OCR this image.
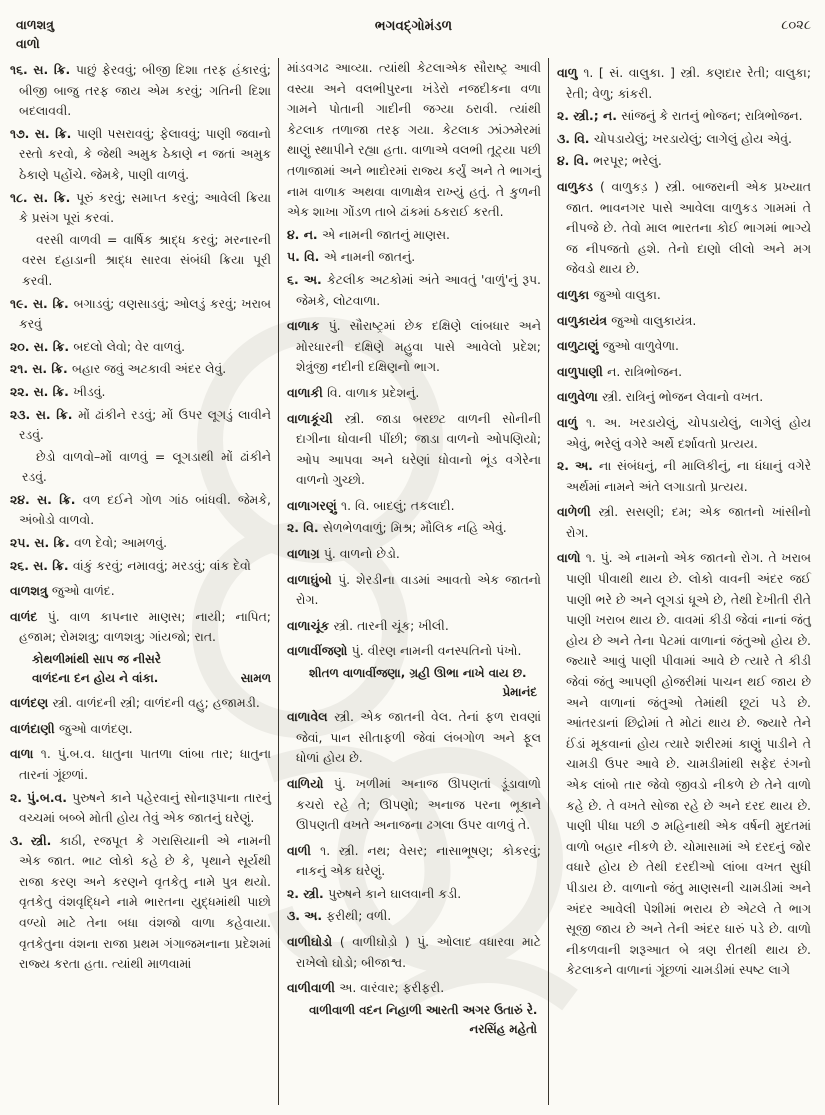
વાળશત્રુ
વાળો
ભગવદ્ગોમંડળ	૮૦૨૮

૧૬. સ. ક્રિ. પાછું ફેરવવું; બીજી દિશા તરફ હંકારવું; બીજી બાજુ તરફ જાય એમ કરવું; ગતિની દિશા બદલાવવી.

૧૭. સ. ક્રિ. પાણી પસરાવવું; ફેલાવવું; પાણી જવાનો રસ્તો કરવો, કે જેથી અમુક ઠેકાણે ન જતાં અમુક ઠેકાણે પહોંચે. જેમકે, પાણી વાળવું.

૧૮. સ. ક્રિ. પૂરું કરવું; સમાપ્ત કરવું; આવેલી ક્રિયા કે પ્રસંગ પૂરાં કરવાં.

વરસી વાળવી = વાર્ષિક શ્રાદ્ધ કરવું; મરનારની વરસ દહાડાની શ્રાદ્ધ સારવા સંબંધી ક્રિયા પૂરી કરવી.

૧૯. સ. ક્રિ. બગાડવું; વણસાડવું; ઓલડું કરવું; ખરાબ કરવું

૨૦. સ. ક્રિ. બદલો લેવો; વેર વાળવું.

૨૧. સ. ક્રિ. બહાર જવું અટકાવી અંદર લેવું.

૨૨. સ. ક્રિ. ખીડવું.

૨૩. સ. ક્રિ. મોં ઢાંકીને રડવું; મોં ઉપર લૂગડું લાવીને રડવું.

છેડો વાળવો–મોં વાળવું = લૂગડાથી મોં ઢાંકીને રડવું.

૨૪. સ. ક્રિ. વળ દઈને ગોળ ગાંઠ બાંધવી. જેમકે, અંબોડો વાળવો.

૨૫. સ. ક્રિ. વળ દેવો; આમળવું.

૨૬. સ. ક્રિ. વાંકું કરવું; નમાવવું; મરડવું; વાંક દેવો

વાળશત્રુ જુઓ વાળંદ.

વાળંદ પું. વાળ કાપનાર માણસ; નાયી; નાપિત; હજામ; રોમશત્રુ; વાળશત્રુ; ગાંયજો; રાત.

કોથળીમાંથી સાપ જ નીસરે
વાળંદના દન હોય ને વાંકા.	સામળ

વાળંદણ સ્ત્રી. વાળંદની સ્ત્રી; વાળંદની વહુ; હજામડી.

વાળંદાણી જુઓ વાળંદણ.

વાળા ૧. પું.બ.વ. ધાતુના પાતળા લાંબા તાર; ધાતુના તારનાં ગૂંછળાં.

૨. પું.બ.વ. પુરુષને કાને પહેરવાનું સોનારૂપાના તારનું વચ્ચમાં બબ્બે મોતી હોય તેવું એક જાતનું ઘરેણું.

૩. સ્ત્રી. કાઠી, રજપૂત કે ગરાસિયાની એ નામની એક જાત. ભાટ લોકો કહે છે કે, પૃથાને સૂર્યથી રાજા કરણ અને કરણને વૃતકેતુ નામે પુત્ર થયો. વૃતકેતુ વંશવૃદ્ધિને નામે ભારતના યુદ્ધમાંથી પાછો વળ્યો માટે તેના બધા વંશજો વાળા કહેવાયા. વૃતકેતુના વંશના રાજા પ્રથમ ગંગાજમનાના પ્રદેશમાં રાજ્ય કરતા હતા. ત્યાંથી માળવામાં

માંડવગઢ આવ્યા. ત્યાંથી કેટલાએક સૌરાષ્ટ્ર આવી વસ્યા અને વલભીપુરના ખંડેરો નજદીકના વળા ગામને પોતાની ગાદીની જગ્યા ઠરાવી. ત્યાંથી કેટલાક તળાજા તરફ ગયા. કેટલાક ઝાંઝમેરમાં થાણું સ્થાપીને રહ્યા હતા. વાળાએ વલભી તૂટ્યા પછી તળાજામાં અને ભાદોરમાં રાજ્ય કર્યું અને તે ભાગનું નામ વાળાક અથવા વાળાક્ષેત્ર રાખ્યું હતું. તે કુળની એક શાખા ગોંડળ તાબે ઢાંકમાં ઠકરાઈ કરતી.

૪. ન. એ નામની જાતનું માણસ.

૫. વિ. એ નામની જાતનું.

૬. અ. કેટલીક અટકોમાં અંતે આવતું 'વાળું'નું રૂપ. જેમકે, લોટવાળા.

વાળાક પું. સૌરાષ્ટ્રમાં છેક દક્ષિણે લાંબધાર અને મોરધારની દક્ષિણે મહુવા પાસે આવેલો પ્રદેશ; શેત્રુંજી નદીની દક્ષિણનો ભાગ.

વાળાકી વિ. વાળાક પ્રદેશનું.

વાળાકૂંચી સ્ત્રી. જાડા બરછટ વાળની સોનીની દાગીના ધોવાની પીંછી; જાડા વાળનો ઓપણિયો; ઓપ આપવા અને ઘરેણાં ધોવાનો ભૂંડ વગેરેના વાળનો ગુચ્છો.

વાળાગરણું ૧. વિ. બાદલું; તકલાદી.

૨. વિ. સેળભેળવાળું; મિશ્ર; મૌલિક નહિ એવું.

વાળાગ્ર પું. વાળનો છેડો.

વાળાઘુંબો પું. શેરડીના વાડમાં આવતો એક જાતનો રોગ.

વાળાચૂંક સ્ત્રી. તારની ચૂંક; ખીલી.

વાળાવીંજણો પું. વીરણ નામની વનસ્પતિનો પંખો.

શીતળ વાળાવીંજણા, ગ્રહી ઊભા નાખે વાય છ.
પ્રેમાનંદ

વાળાવેલ સ્ત્રી. એક જાતની વેલ. તેનાં ફળ રાવણાં જેવાં, પાન સીતાફળી જેવાં લંબગોળ અને ફૂલ ધોળાં હોય છે.

વાળિયો પું. ખળીમાં અનાજ ઊપણતાં ડૂંડાવાળો કચરો રહે તે; ઊપણો; અનાજ પરના ભૂકાને ઊપણતી વખતે અનાજના ઢગલા ઉપર વાળવું તે.

વાળી ૧. સ્ત્રી. નથ; વેસર; નાસાભૂષણ; કોકરવું; નાકનું એક ઘરેણું.

૨. સ્ત્રી. પુરુષને કાને ઘાલવાની કડી.

૩. અ. ફરીથી; વળી.

વાળીઘોડો ( વાળીઘોડ઼ો ) પું. ઓલાદ વધારવા માટે રાખેલો ઘોડો; બીજાશ્વ.

વાળીવાળી અ. વારંવાર; ફરીફરી.

વાળીવાળી વદન નિહાળી આરતી અગર ઉતારું રે.
નરસિંહ મહેતો

વાળુ ૧. [ સં. વાલુકા. ] સ્ત્રી. કણદાર રેતી; વાલુકા; રેતી; વેળુ; કાંકરી.

૨. સ્ત્રી.; ન. સાંજનું કે રાતનું ભોજન; રાત્રિભોજન.

૩. વિ. ચોપડાયેલું; ખરડાયેલું; લાગેલું હોય એવું.

૪. વિ. ભરપૂર; ભરેલું.

વાળુકડ ( વાળુકડ઼ ) સ્ત્રી. બાજરાની એક પ્રખ્યાત જાત. ભાવનગર પાસે આવેલા વાળુકડ ગામમાં તે નીપજે છે. તેવો માલ ભારતના કોઈ ભાગમાં ભાગ્યે જ નીપજતો હશે. તેનો દાણો લીલો અને મગ જેવડો થાય છે.

વાળુકા જુઓ વાલુકા.

વાળુકાયંત્ર જુઓ વાલુકાયંત્ર.

વાળુટાણું જુઓ વાળુવેળા.

વાળુપાણી ન. રાત્રિભોજન.

વાળુવેળા સ્ત્રી. રાત્રિનું ભોજન લેવાનો વખત.

વાળું ૧. અ. ખરડાયેલું, ચોપડાયેલું, લાગેલું હોય એવું, ભરેલું વગેરે અર્થે દર્શાવતો પ્રત્યય.

૨. અ. ના સંબંધનું, ની માલિકીનું, ના ધંધાનું વગેરે અર્થમાં નામને અંતે લગાડાતો પ્રત્યય.

વાળેળી સ્ત્રી. સસણી; દમ; એક જાતનો ખાંસીનો રોગ.

વાળો ૧. પું. એ નામનો એક જાતનો રોગ. તે ખરાબ પાણી પીવાથી થાય છે. લોકો વાવની અંદર જઈ પાણી ભરે છે અને લૂગડાં ધૂએ છે, તેથી દેખીતી રીતે પાણી ખરાબ થાય છે. વાવમાં કીડી જેવાં નાનાં જંતુ હોય છે અને તેના પેટમાં વાળાનાં જંતુઓ હોય છે. જ્યારે આવું પાણી પીવામાં આવે છે ત્યારે તે કીડી જેવાં જંતુ આપણી હોજરીમાં પાચન થઈ જાય છે અને વાળાનાં જંતુઓ તેમાંથી છૂટાં પડે છે. આંતરડાનાં છિદ્રોમાં તે મોટાં થાય છે. જ્યારે તેને ઈંડાં મૂકવાનાં હોય ત્યારે શરીરમાં કાણું પાડીને તે ચામડી ઉપર આવે છે. ચામડીમાંથી સફેદ રંગનો એક લાંબો તાર જેવો જીવડો નીકળે છે તેને વાળો કહે છે. તે વખતે સોજા રહે છે અને દરદ થાય છે. પાણી પીધા પછી ૭ મહિનાથી એક વર્ષની મુદતમાં વાળો બહાર નીકળે છે. ચોમાસામાં એ દરદનું જોર વધારે હોય છે તેથી દરદીઓ લાંબા વખત સુધી પીડાય છે. વાળાનો જંતુ માણસની ચામડીમાં અને અંદર આવેલી પેશીમાં ભરાય છે એટલે તે ભાગ સૂજી જાય છે અને તેની અંદર ધારું પડે છે. વાળો નીકળવાની શરૂઆત બે ત્રણ રીતથી થાય છે. કેટલાકને વાળાનાં ગૂંછળાં ચામડીમાં સ્પષ્ટ લાગે
